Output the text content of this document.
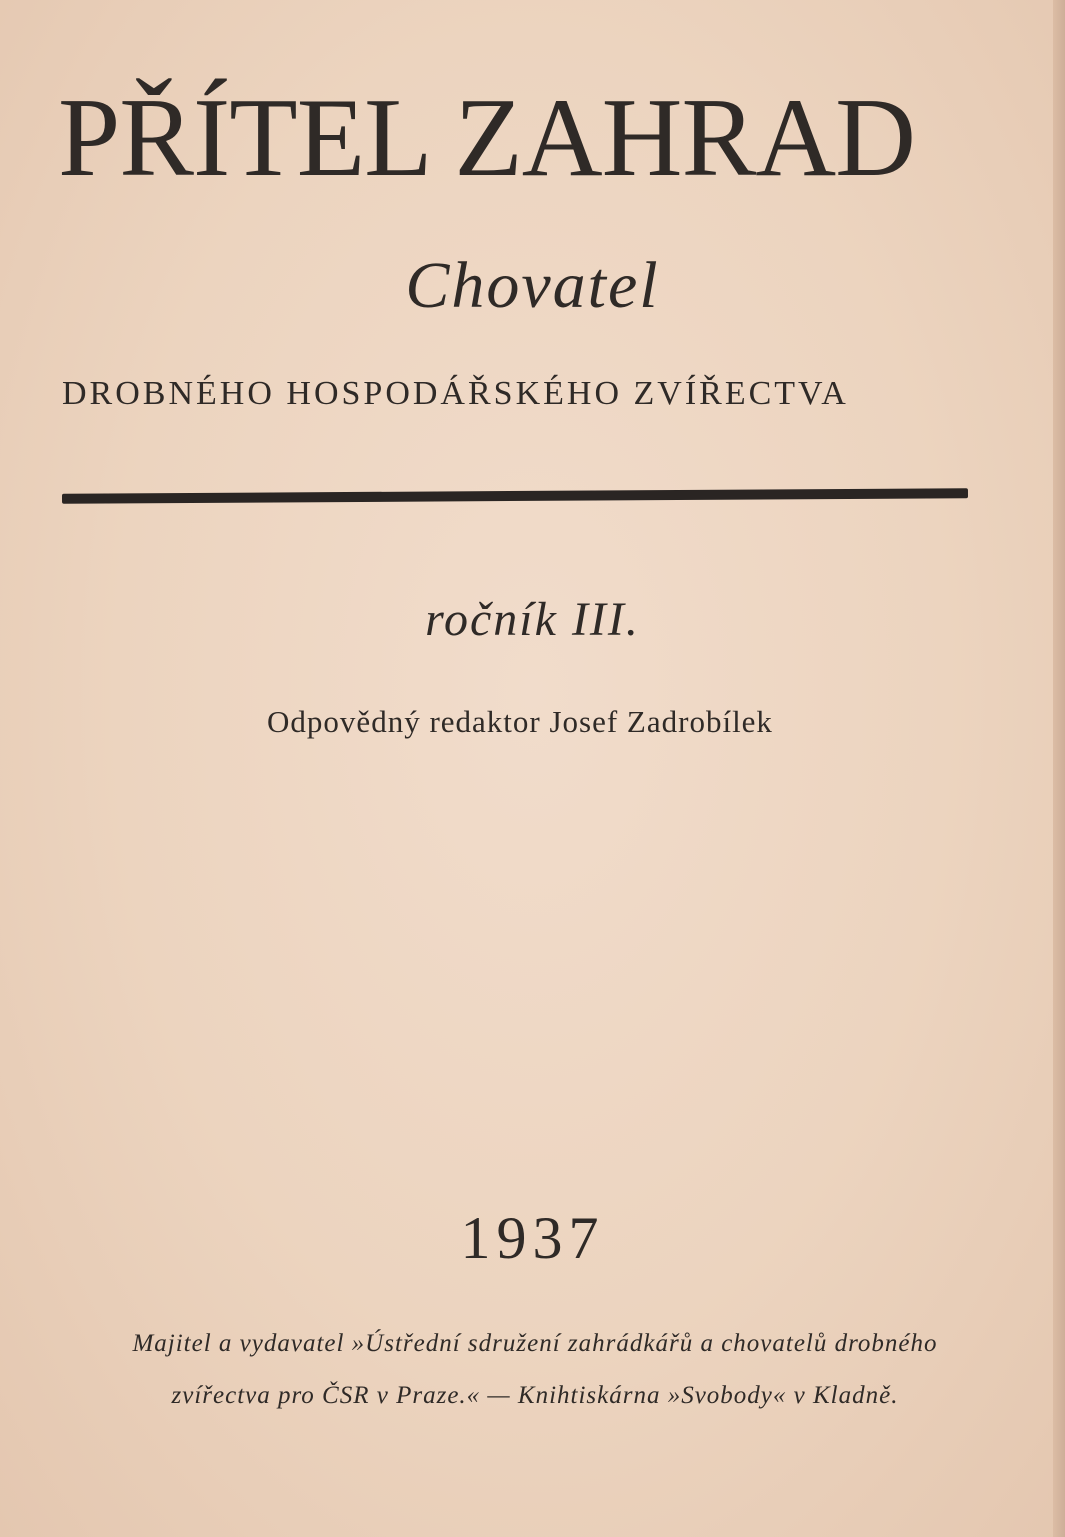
PŘÍTEL ZAHRAD
Chovatel
DROBNÉHO HOSPODÁŘSKÉHO ZVÍŘECTVA
ročník III.
Odpovědný redaktor Josef Zadrobílek
1937
Majitel a vydavatel »Ústřední sdružení zahrádkářů a chovatelů drobného
zvířectva pro ČSR v Praze.« — Knihtiskárna »Svobody« v Kladně.
